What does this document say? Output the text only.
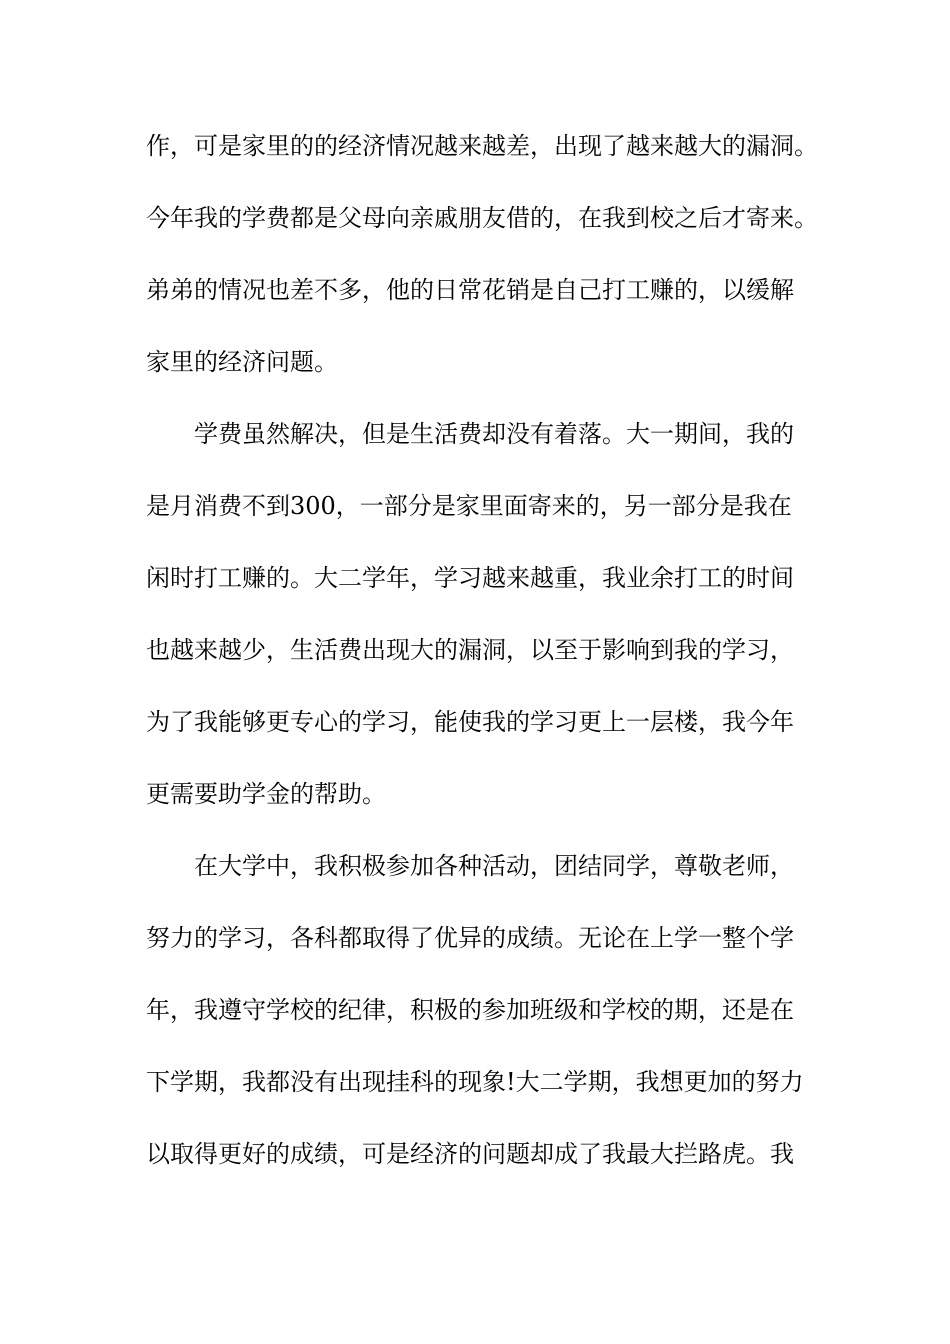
作，可是家里的的经济情况越来越差，出现了越来越大的漏洞。
今年我的学费都是父母向亲戚朋友借的，在我到校之后才寄来。
弟弟的情况也差不多，他的日常花销是自己打工赚的，以缓解
家里的经济问题。
学费虽然解决，但是生活费却没有着落。大一期间，我的
是月消费不到300，一部分是家里面寄来的，另一部分是我在
闲时打工赚的。大二学年，学习越来越重，我业余打工的时间
也越来越少，生活费出现大的漏洞，以至于影响到我的学习，
为了我能够更专心的学习，能使我的学习更上一层楼，我今年
更需要助学金的帮助。
在大学中，我积极参加各种活动，团结同学，尊敬老师，
努力的学习，各科都取得了优异的成绩。无论在上学一整个学
年，我遵守学校的纪律，积极的参加班级和学校的期，还是在
下学期，我都没有出现挂科的现象!大二学期，我想更加的努力
以取得更好的成绩，可是经济的问题却成了我最大拦路虎。我
